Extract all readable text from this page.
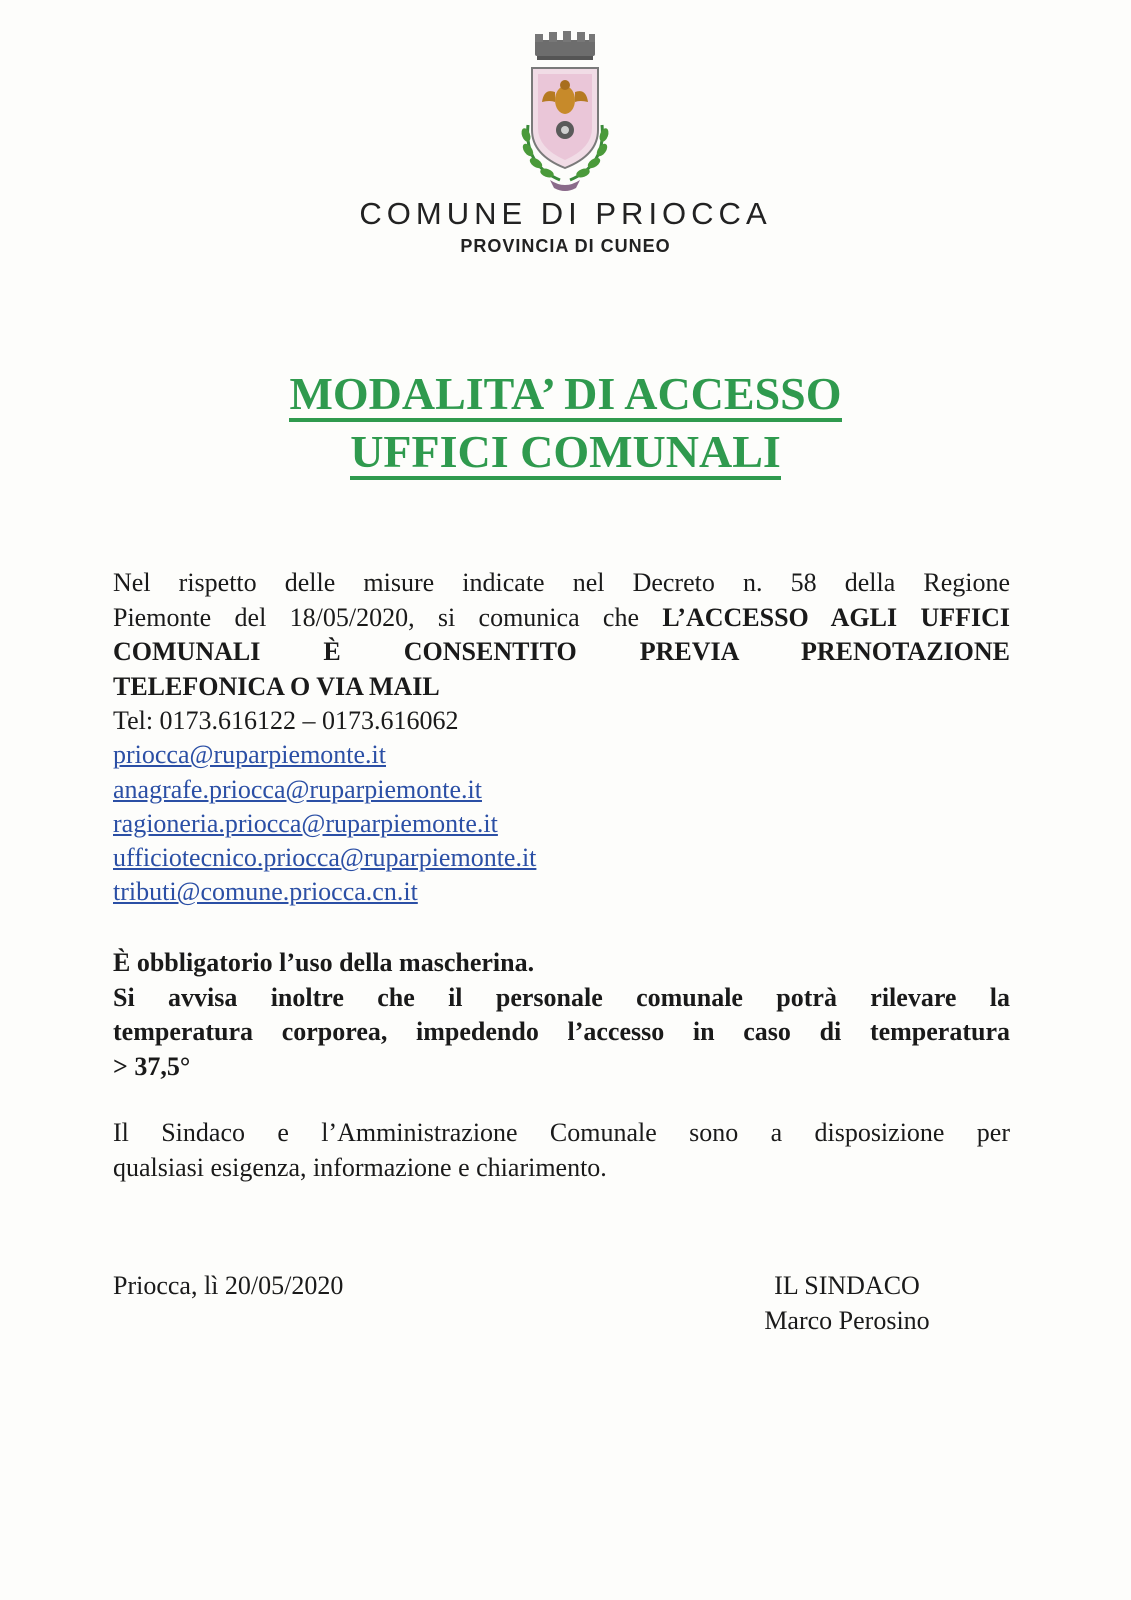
COMUNE DI PRIOCCA
PROVINCIA DI CUNEO
MODALITA’ DI ACCESSO
UFFICI COMUNALI
Nel rispetto delle misure indicate nel Decreto n. 58 della Regione
Piemonte del 18/05/2020, si comunica che L’ACCESSO AGLI UFFICI
COMUNALI È CONSENTITO PREVIA PRENOTAZIONE
TELEFONICA O VIA MAIL
Tel: 0173.616122 – 0173.616062
priocca@ruparpiemonte.it
anagrafe.priocca@ruparpiemonte.it
ragioneria.priocca@ruparpiemonte.it
ufficiotecnico.priocca@ruparpiemonte.it
tributi@comune.priocca.cn.it
È obbligatorio l’uso della mascherina.
Si avvisa inoltre che il personale comunale potrà rilevare la
temperatura corporea, impedendo l’accesso in caso di temperatura
> 37,5°
Il Sindaco e l’Amministrazione Comunale sono a disposizione per
qualsiasi esigenza, informazione e chiarimento.
Priocca, lì 20/05/2020	IL SINDACO
Marco Perosino
